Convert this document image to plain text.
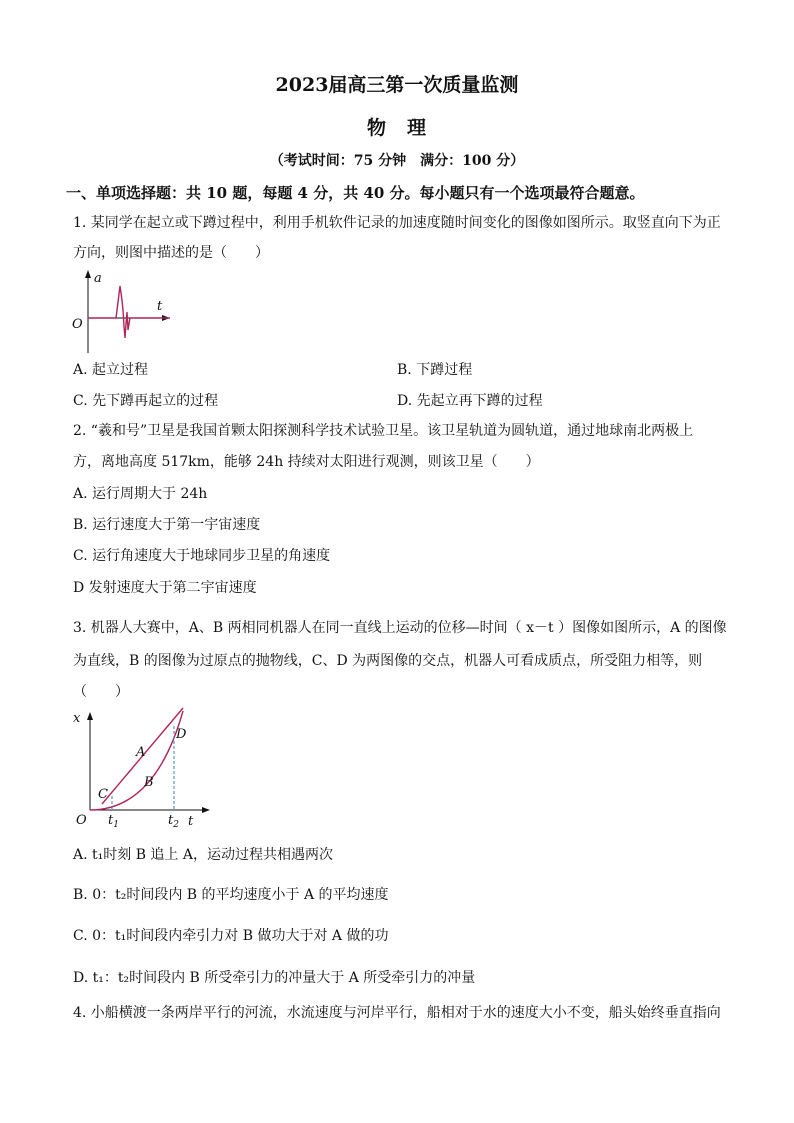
2023届高三第一次质量监测
物　理
（考试时间：75 分钟　满分：100 分）
一、单项选择题：共 10 题，每题 4 分，共 40 分。每小题只有一个选项最符合题意。
1. 某同学在起立或下蹲过程中，利用手机软件记录的加速度随时间变化的图像如图所示。取竖直向下为正
方向，则图中描述的是（　　）
a
t
O
A. 起立过程	B. 下蹲过程
C. 先下蹲再起立的过程	D. 先起立再下蹲的过程
2. “羲和号”卫星是我国首颗太阳探测科学技术试验卫星。该卫星轨道为圆轨道，通过地球南北两极上
方，离地高度 517km，能够 24h 持续对太阳进行观测，则该卫星（　　）
A. 运行周期大于 24h
B. 运行速度大于第一宇宙速度
C. 运行角速度大于地球同步卫星的角速度
D 发射速度大于第二宇宙速度
3. 机器人大赛中，A、B 两相同机器人在同一直线上运动的位移—时间（ x－t ）图像如图所示，A 的图像
为直线，B 的图像为过原点的抛物线，C、D 为两图像的交点，机器人可看成质点，所受阻力相等，则
（　　）
x
t
O
A
B
C
D
$t_1$	$t_2$
A. t₁时刻 B 追上 A，运动过程共相遇两次
B. 0：t₂时间段内 B 的平均速度小于 A 的平均速度
C. 0：t₁时间段内牵引力对 B 做功大于对 A 做的功
D. t₁：t₂时间段内 B 所受牵引力的冲量大于 A 所受牵引力的冲量
4. 小船横渡一条两岸平行的河流，水流速度与河岸平行，船相对于水的速度大小不变，船头始终垂直指向
